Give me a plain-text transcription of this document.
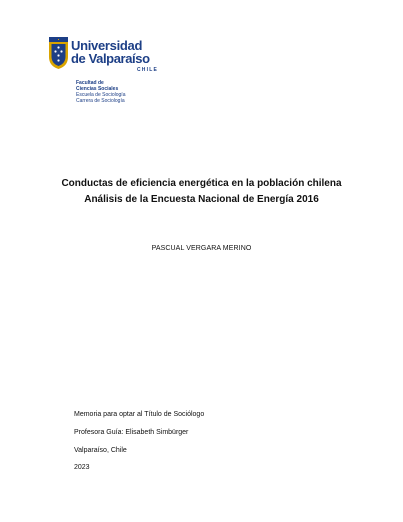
Universidad
de Valparaíso
CHILE
Facultad de
Ciencias Sociales
Escuela de Sociología
Carrera de Sociología
Conductas de eficiencia energética en la población chilena
Análisis de la Encuesta Nacional de Energía 2016
PASCUAL VERGARA MERINO
Memoria para optar al Título de Sociólogo
Profesora Guía: Elisabeth Simbürger
Valparaíso, Chile
2023
